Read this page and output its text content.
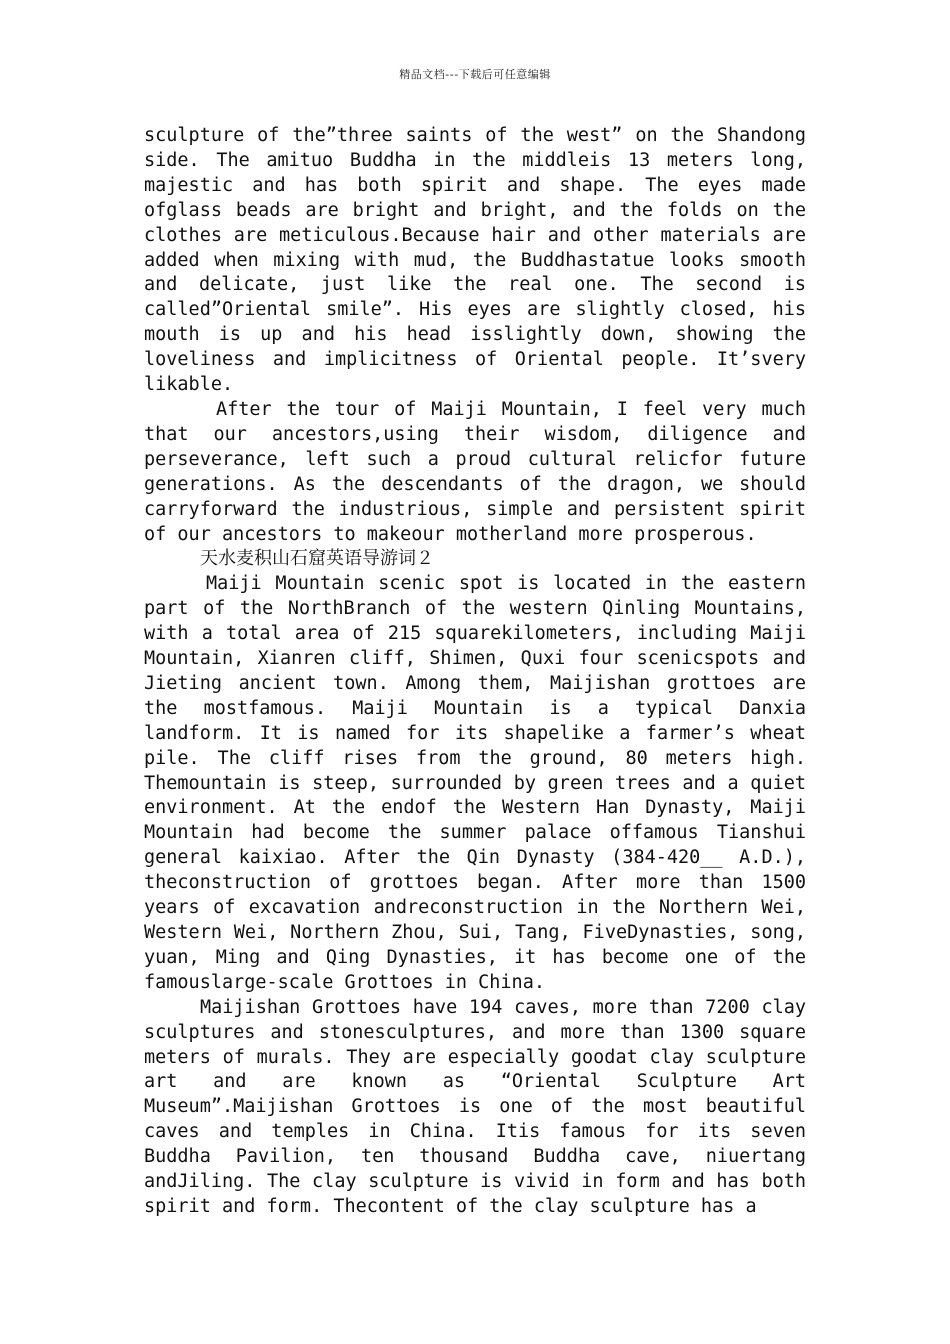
精品文档---下载后可任意编辑

sculpture of the”three saints of the west” on the Shandong side. The amituo Buddha in the middleis 13 meters long, majestic and has both spirit and shape. The eyes made ofglass beads are bright and bright, and the folds on the clothes are meticulous.Because hair and other materials are added when mixing with mud, the Buddhastatue looks smooth and delicate, just like the real one. The second is called”Oriental smile”. His eyes are slightly closed, his mouth is up and his head isslightly down, showing the loveliness and implicitness of Oriental people. It’svery likable.

After the tour of Maiji Mountain, I feel very much that our ancestors,using their wisdom, diligence and perseverance, left such a proud cultural relicfor future generations. As the descendants of the dragon, we should carryforward the industrious, simple and persistent spirit of our ancestors to makeour motherland more prosperous.

天水麦积山石窟英语导游词２

Maiji Mountain scenic spot is located in the eastern part of the NorthBranch of the western Qinling Mountains, with a total area of 215 squarekilometers, including Maiji Mountain, Xianren cliff, Shimen, Quxi four scenicspots and Jieting ancient town. Among them, Maijishan grottoes are the mostfamous. Maiji Mountain is a typical Danxia landform. It is named for its shapelike a farmer’s wheat pile. The cliff rises from the ground, 80 meters high. Themountain is steep, surrounded by green trees and a quiet environment. At the endof the Western Han Dynasty, Maiji Mountain had become the summer palace offamous Tianshui general kaixiao. After the Qin Dynasty (384-420__ A.D.), theconstruction of grottoes began. After more than 1500 years of excavation andreconstruction in the Northern Wei, Western Wei, Northern Zhou, Sui, Tang, FiveDynasties, song, yuan, Ming and Qing Dynasties, it has become one of the famouslarge-scale Grottoes in China.

Maijishan Grottoes have 194 caves, more than 7200 clay sculptures and stonesculptures, and more than 1300 square meters of murals. They are especially goodat clay sculpture art and are known as “Oriental Sculpture Art Museum”.Maijishan Grottoes is one of the most beautiful caves and temples in China. Itis famous for its seven Buddha Pavilion, ten thousand Buddha cave, niuertang andJiling. The clay sculpture is vivid in form and has both spirit and form. Thecontent of the clay sculpture has a
